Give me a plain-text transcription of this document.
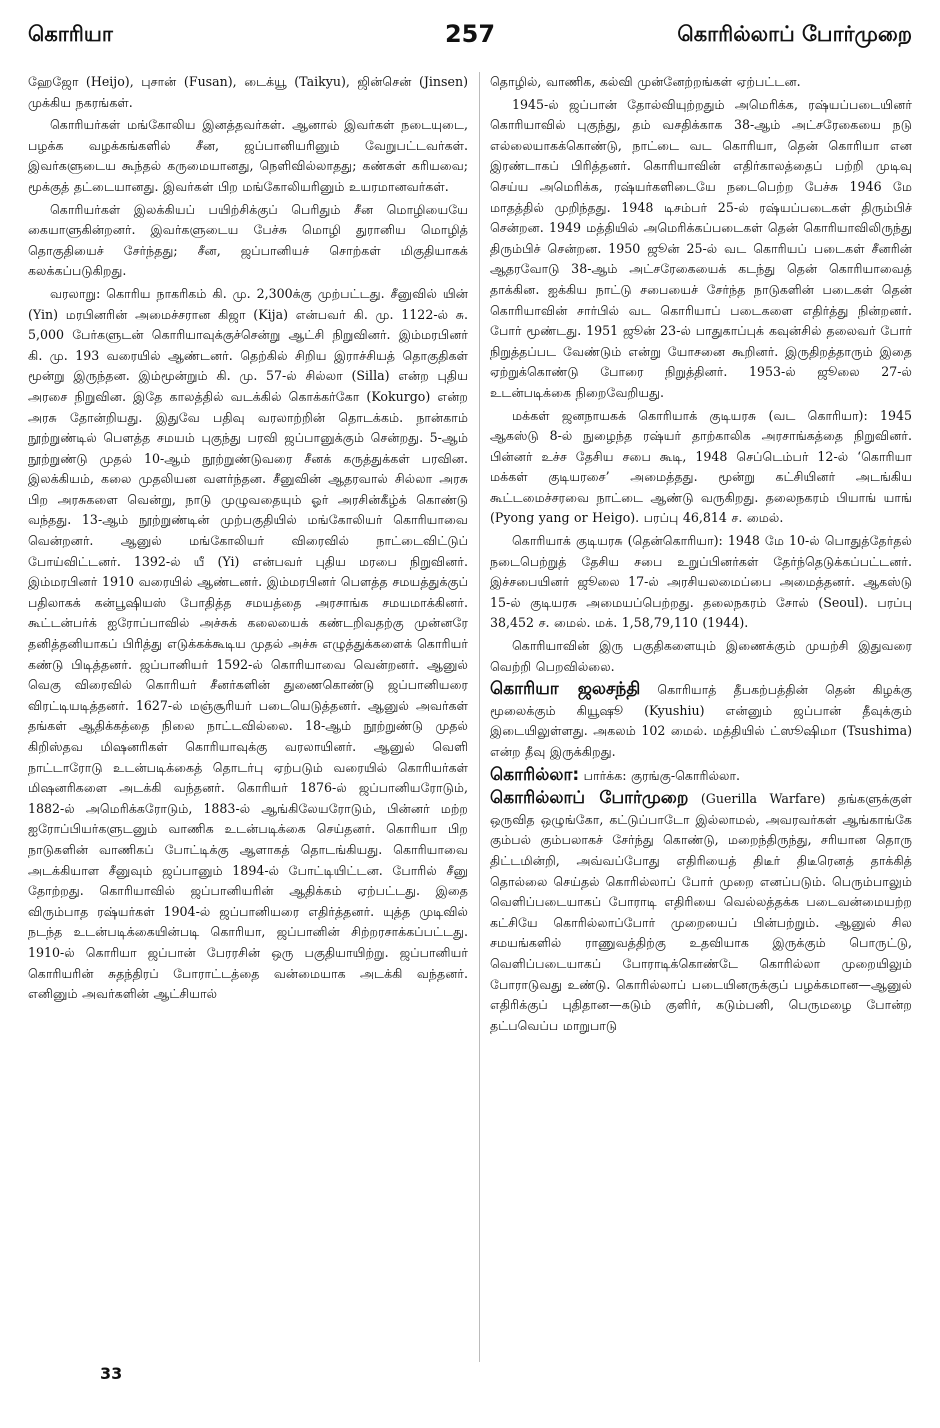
கொரியா	257	கொரில்லாப் போர்முறை

ஹேஜோ (Heijo), புசான் (Fusan), டைக்யூ (Taikyu), ஜின்சென் (Jinsen) முக்கிய நகரங்கள்.

கொரியர்கள் மங்கோலிய இனத்தவர்கள். ஆனால் இவர்கள் நடையுடை, பழக்க வழக்கங்களில் சீன, ஜப்பானியரினும் வேறுபட்டவர்கள். இவர்களுடைய கூந்தல் கருமையானது, நெளிவில்லாதது; கண்கள் கரியவை; மூக்குத் தட்டையானது. இவர்கள் பிற மங்கோலியரினும் உயரமானவர்கள்.

கொரியர்கள் இலக்கியப் பயிற்சிக்குப் பெரிதும் சீன மொழியையே கையாளுகின்றனர். இவர்களுடைய பேச்சு மொழி துரானிய மொழித் தொகுதியைச் சேர்ந்தது; சீன, ஜப்பானியச் சொற்கள் மிகுதியாகக் கலக்கப்படுகிறது.

வரலாறு: கொரிய நாகரிகம் கி. மு. 2,300க்கு முற்பட்டது. சீனுவில் யின் (Yin) மரபினரின் அமைச்சரான கிஜா (Kija) என்பவர் கி. மு. 1122-ல் சு. 5,000 பேர்களுடன் கொரியாவுக்குச்சென்று ஆட்சி நிறுவினர். இம்மரபினர் கி. மு. 193 வரையில் ஆண்டனர். தெற்கில் சிறிய இராச்சியத் தொகுதிகள் மூன்று இருந்தன. இம்மூன்றும் கி. மு. 57-ல் சில்லா (Silla) என்ற புதிய அரசை நிறுவின. இதே காலத்தில் வடக்கில் கொக்கர்கோ (Kokurgo) என்ற அரசு தோன்றியது. இதுவே பதிவு வரலாற்றின் தொடக்கம். நான்காம் நூற்றுண்டில் பௌத்த சமயம் புகுந்து பரவி ஜப்பானுக்கும் சென்றது. 5-ஆம் நூற்றுண்டு முதல் 10-ஆம் நூற்றுண்டுவரை சீனக் கருத்துக்கள் பரவின. இலக்கியம், கலை முதலியன வளர்ந்தன. சீனுவின் ஆதரவால் சில்லா அரசு பிற அரசுகளை வென்று, நாடு முழுவதையும் ஓர் அரசின்கீழ்க் கொண்டு வந்தது. 13-ஆம் நூற்றுண்டின் முற்பகுதியில் மங்கோலியர் கொரியாவை வென்றனர். ஆனுல் மங்கோலியர் விரைவில் நாட்டைவிட்டுப் போய்விட்டனர். 1392-ல் யீ (Yi) என்பவர் புதிய மரபை நிறுவினர். இம்மரபினர் 1910 வரையில் ஆண்டனர். இம்மரபினர் பௌத்த சமயத்துக்குப் பதிலாகக் கன்பூஷியஸ் போதித்த சமயத்தை அரசாங்க சமயமாக்கினர். கூட்டன்பர்க் ஐரோப்பாவில் அச்சுக் கலையைக் கண்டறிவதற்கு முன்னரே தனித்தனியாகப் பிரித்து எடுக்கக்கூடிய முதல் அச்சு எழுத்துக்களைக் கொரியர் கண்டு பிடித்தனர். ஜப்பானியர் 1592-ல் கொரியாவை வென்றனர். ஆனுல் வெகு விரைவில் கொரியர் சீனர்களின் துணைகொண்டு ஜப்பானியரை விரட்டியடித்தனர். 1627-ல் மஞ்சூரியர் படையெடுத்தனர். ஆனுல் அவர்கள் தங்கள் ஆதிக்கத்தை நிலை நாட்டவில்லை. 18-ஆம் நூற்றுண்டு முதல் கிறிஸ்தவ மிஷனரிகள் கொரியாவுக்கு வரலாயினர். ஆனுல் வெளி நாட்டாரோடு உடன்படிக்கைத் தொடர்பு ஏற்படும் வரையில் கொரியர்கள் மிஷனரிகளை அடக்கி வந்தனர். கொரியர் 1876-ல் ஜப்பானியரோடும், 1882-ல் அமெரிக்கரோடும், 1883-ல் ஆங்கிலேயரோடும், பின்னர் மற்ற ஐரோப்பியர்களுடனும் வாணிக உடன்படிக்கை செய்தனர். கொரியா பிற நாடுகளின் வாணிகப் போட்டிக்கு ஆளாகத் தொடங்கியது. கொரியாவை அடக்கியாள சீனுவும் ஜப்பானும் 1894-ல் போட்டியிட்டன. போரில் சீனு தோற்றது. கொரியாவில் ஜப்பானியரின் ஆதிக்கம் ஏற்பட்டது. இதை விரும்பாத ரஷ்யர்கள் 1904-ல் ஜப்பானியரை எதிர்த்தனர். யுத்த முடிவில் நடந்த உடன்படிக்கையின்படி கொரியா, ஜப்பானின் சிற்றரசாக்கப்பட்டது. 1910-ல் கொரியா ஜப்பான் பேரரசின் ஒரு பகுதியாயிற்று. ஜப்பானியர் கொரியரின் சுதந்திரப் போராட்டத்தை வன்மையாக அடக்கி வந்தனர். எனினும் அவர்களின் ஆட்சியால்

தொழில், வாணிக, கல்வி முன்னேற்றங்கள் ஏற்பட்டன.

1945-ல் ஜப்பான் தோல்வியுற்றதும் அமெரிக்க, ரஷ்யப்படையினர் கொரியாவில் புகுந்து, தம் வசதிக்காக 38-ஆம் அட்சரேகையை நடு எல்லையாகக்கொண்டு, நாட்டை வட கொரியா, தென் கொரியா என இரண்டாகப் பிரித்தனர். கொரியாவின் எதிர்காலத்தைப் பற்றி முடிவு செய்ய அமெரிக்க, ரஷ்யர்களிடையே நடைபெற்ற பேச்சு 1946 மே மாதத்தில் முறிந்தது. 1948 டிசம்பர் 25-ல் ரஷ்யப்படைகள் திரும்பிச் சென்றன. 1949 மத்தியில் அமெரிக்கப்படைகள் தென் கொரியாவிலிருந்து திரும்பிச் சென்றன. 1950 ஜூன் 25-ல் வட கொரியப் படைகள் சீனரின் ஆதரவோடு 38-ஆம் அட்சரேகையைக் கடந்து தென் கொரியாவைத் தாக்கின. ஐக்கிய நாட்டு சபையைச் சேர்ந்த நாடுகளின் படைகள் தென் கொரியாவின் சார்பில் வட கொரியாப் படைகளை எதிர்த்து நின்றனர். போர் மூண்டது. 1951 ஜூன் 23-ல் பாதுகாப்புக் கவுன்சில் தலைவர் போர் நிறுத்தப்பட வேண்டும் என்று யோசனை கூறினர். இருதிறத்தாரும் இதை ஏற்றுக்கொண்டு போரை நிறுத்தினர். 1953-ல் ஜூலை 27-ல் உடன்படிக்கை நிறைவேறியது.

மக்கள் ஜனநாயகக் கொரியாக் குடியரசு (வட கொரியா): 1945 ஆகஸ்டு 8-ல் நுழைந்த ரஷ்யர் தாற்காலிக அரசாங்கத்தை நிறுவினர். பின்னர் உச்ச தேசிய சபை கூடி, 1948 செப்டெம்பர் 12-ல் ‘கொரியா மக்கள் குடியரசை’ அமைத்தது. மூன்று கட்சியினர் அடங்கிய கூட்டமைச்சரவை நாட்டை ஆண்டு வருகிறது. தலைநகரம் பியாங் யாங் (Pyong yang or Heigo). பரப்பு 46,814 ச. மைல்.

கொரியாக் குடியரசு (தென்கொரியா): 1948 மே 10-ல் பொதுத்தேர்தல் நடைபெற்றுத் தேசிய சபை உறுப்பினர்கள் தேர்ந்தெடுக்கப்பட்டனர். இச்சபையினர் ஜூலை 17-ல் அரசியலமைப்பை அமைத்தனர். ஆகஸ்டு 15-ல் குடியரசு அமையப்பெற்றது. தலைநகரம் சோல் (Seoul). பரப்பு 38,452 ச. மைல். மக். 1,58,79,110 (1944).

கொரியாவின் இரு பகுதிகளையும் இணைக்கும் முயற்சி இதுவரை வெற்றி பெறவில்லை.

கொரியா ஜலசந்தி கொரியாத் தீபகற்பத்தின் தென் கிழக்கு மூலைக்கும் கியூஷூ (Kyushiu) என்னும் ஜப்பான் தீவுக்கும் இடையிலுள்ளது. அகலம் 102 மைல். மத்தியில் ட்ஸூஷிமா (Tsushima) என்ற தீவு இருக்கிறது.

கொரில்லா: பார்க்க: குரங்கு-கொரில்லா.

கொரில்லாப் போர்முறை (Guerilla Warfare) தங்களுக்குள் ஒருவித ஒழுங்கோ, கட்டுப்பாடோ இல்லாமல், அவரவர்கள் ஆங்காங்கே கும்பல் கும்பலாகச் சேர்ந்து கொண்டு, மறைந்திருந்து, சரியான தொரு திட்டமின்றி, அவ்வப்போது எதிரியைத் திடீர் திடீரெனத் தாக்கித் தொல்லை செய்தல் கொரில்லாப் போர் முறை எனப்படும். பெரும்பாலும் வெளிப்படையாகப் போராடி எதிரியை வெல்லத்தக்க படைவன்மையற்ற கட்சியே கொரில்லாப்போர் முறையைப் பின்பற்றும். ஆனுல் சில சமயங்களில் ராணுவத்திற்கு உதவியாக இருக்கும் பொருட்டு, வெளிப்படையாகப் போராடிக்கொண்டே கொரில்லா முறையிலும் போராடுவது உண்டு. கொரில்லாப் படையினருக்குப் பழக்கமான—ஆனுல் எதிரிக்குப் புதிதான—கடும் குளிர், கடும்பனி, பெருமழை போன்ற தட்பவெப்ப மாறுபாடு

33
